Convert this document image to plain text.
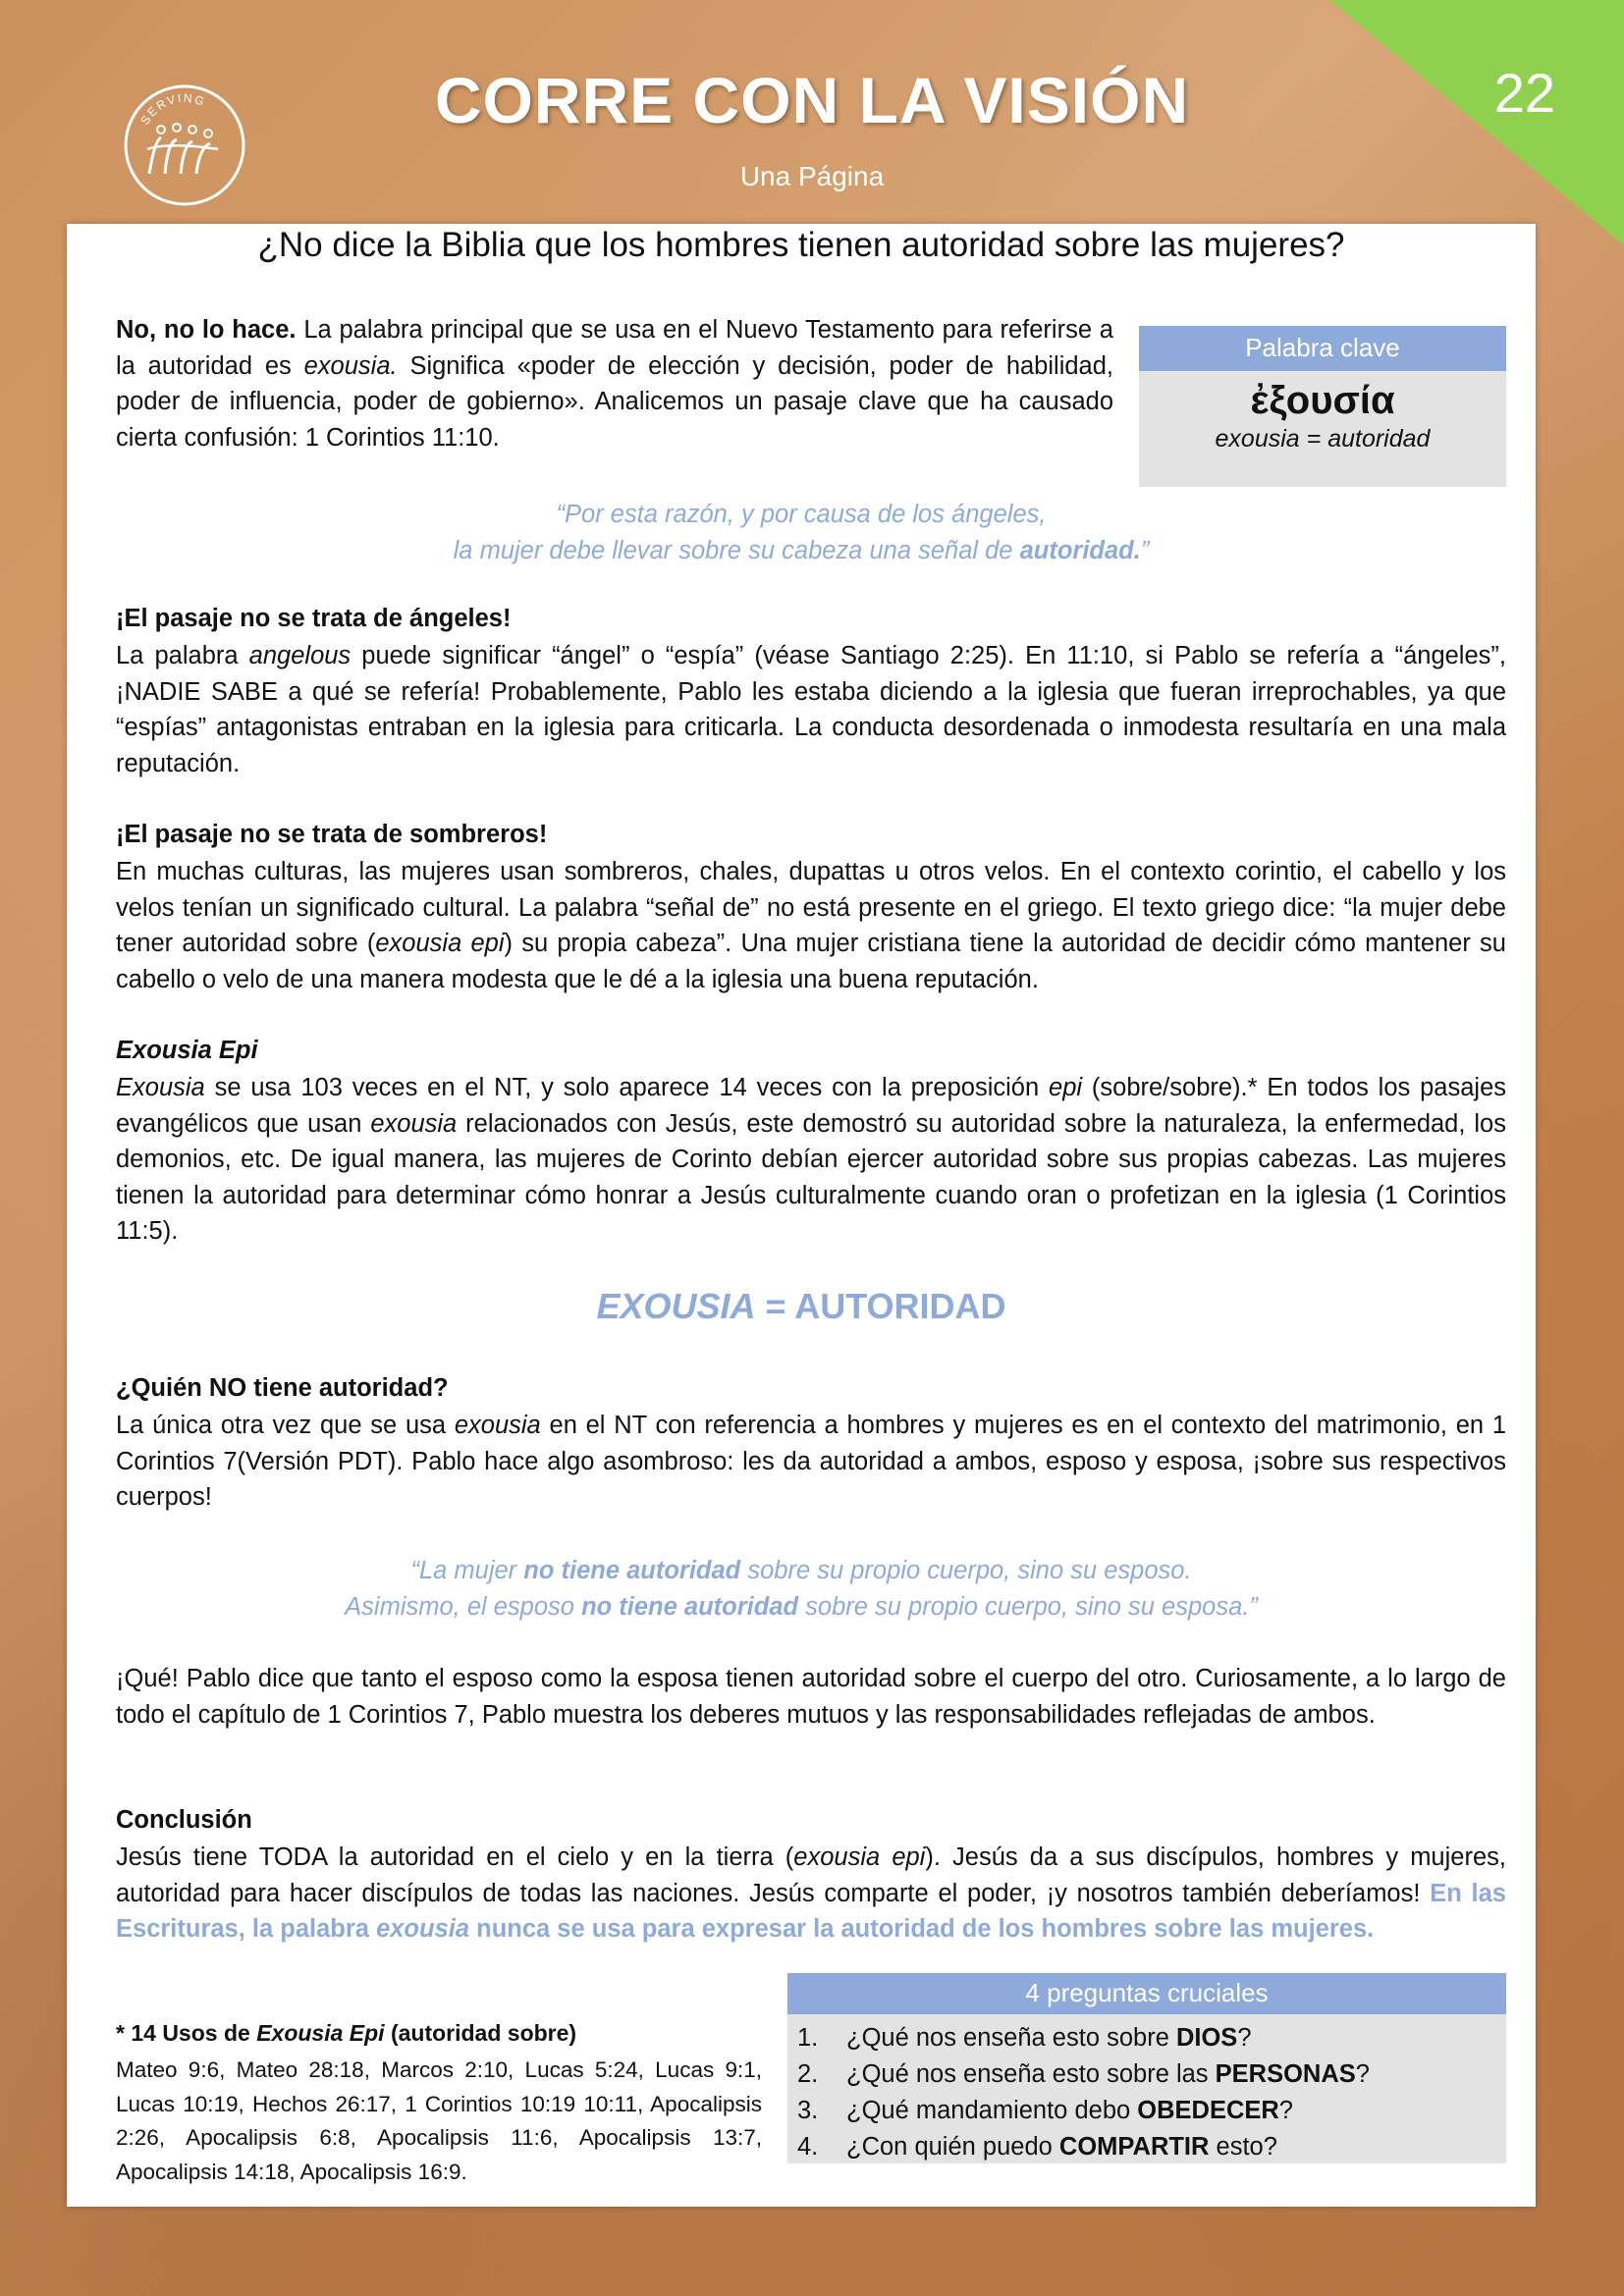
22
SERVING	CORRE CON LA VISIÓN
Una Página
¿No dice la Biblia que los hombres tienen autoridad sobre las mujeres?

No, no lo hace. La palabra principal que se usa en el Nuevo Testamento para referirse a la autoridad es exousia. Significa «poder de elección y decisión, poder de habilidad, poder de influencia, poder de gobierno». Analicemos un pasaje clave que ha causado cierta confusión: 1 Corintios 11:10.

Palabra clave
ἐξουσία
exousia = autoridad

“Por esta razón, y por causa de los ángeles,
la mujer debe llevar sobre su cabeza una señal de autoridad.”

¡El pasaje no se trata de ángeles!

La palabra angelous puede significar “ángel” o “espía” (véase Santiago 2:25). En 11:10, si Pablo se refería a “ángeles”, ¡NADIE SABE a qué se refería! Probablemente, Pablo les estaba diciendo a la iglesia que fueran irreprochables, ya que “espías” antagonistas entraban en la iglesia para criticarla. La conducta desordenada o inmodesta resultaría en una mala reputación.

¡El pasaje no se trata de sombreros!

En muchas culturas, las mujeres usan sombreros, chales, dupattas u otros velos. En el contexto corintio, el cabello y los velos tenían un significado cultural. La palabra “señal de” no está presente en el griego. El texto griego dice: “la mujer debe tener autoridad sobre (exousia epi) su propia cabeza”. Una mujer cristiana tiene la autoridad de decidir cómo mantener su cabello o velo de una manera modesta que le dé a la iglesia una buena reputación.

Exousia Epi

Exousia se usa 103 veces en el NT, y solo aparece 14 veces con la preposición epi (sobre/sobre).* En todos los pasajes evangélicos que usan exousia relacionados con Jesús, este demostró su autoridad sobre la naturaleza, la enfermedad, los demonios, etc. De igual manera, las mujeres de Corinto debían ejercer autoridad sobre sus propias cabezas. Las mujeres tienen la autoridad para determinar cómo honrar a Jesús culturalmente cuando oran o profetizan en la iglesia (1 Corintios 11:5).

EXOUSIA = AUTORIDAD

¿Quién NO tiene autoridad?

La única otra vez que se usa exousia en el NT con referencia a hombres y mujeres es en el contexto del matrimonio, en 1 Corintios 7(Versión PDT). Pablo hace algo asombroso: les da autoridad a ambos, esposo y esposa, ¡sobre sus respectivos cuerpos!

“La mujer no tiene autoridad sobre su propio cuerpo, sino su esposo.
Asimismo, el esposo no tiene autoridad sobre su propio cuerpo, sino su esposa.”

¡Qué! Pablo dice que tanto el esposo como la esposa tienen autoridad sobre el cuerpo del otro. Curiosamente, a lo largo de todo el capítulo de 1 Corintios 7, Pablo muestra los deberes mutuos y las responsabilidades reflejadas de ambos.

Conclusión

Jesús tiene TODA la autoridad en el cielo y en la tierra (exousia epi). Jesús da a sus discípulos, hombres y mujeres, autoridad para hacer discípulos de todas las naciones. Jesús comparte el poder, ¡y nosotros también deberíamos! En las Escrituras, la palabra exousia nunca se usa para expresar la autoridad de los hombres sobre las mujeres.

* 14 Usos de Exousia Epi (autoridad sobre)

Mateo 9:6, Mateo 28:18, Marcos 2:10, Lucas 5:24, Lucas 9:1, Lucas 10:19, Hechos 26:17, 1 Corintios 10:19 10:11, Apocalipsis 2:26, Apocalipsis 6:8, Apocalipsis 11:6, Apocalipsis 13:7, Apocalipsis 14:18, Apocalipsis 16:9.

4 preguntas cruciales
1. ¿Qué nos enseña esto sobre DIOS?
2. ¿Qué nos enseña esto sobre las PERSONAS?
3. ¿Qué mandamiento debo OBEDECER?
4. ¿Con quién puedo COMPARTIR esto?
